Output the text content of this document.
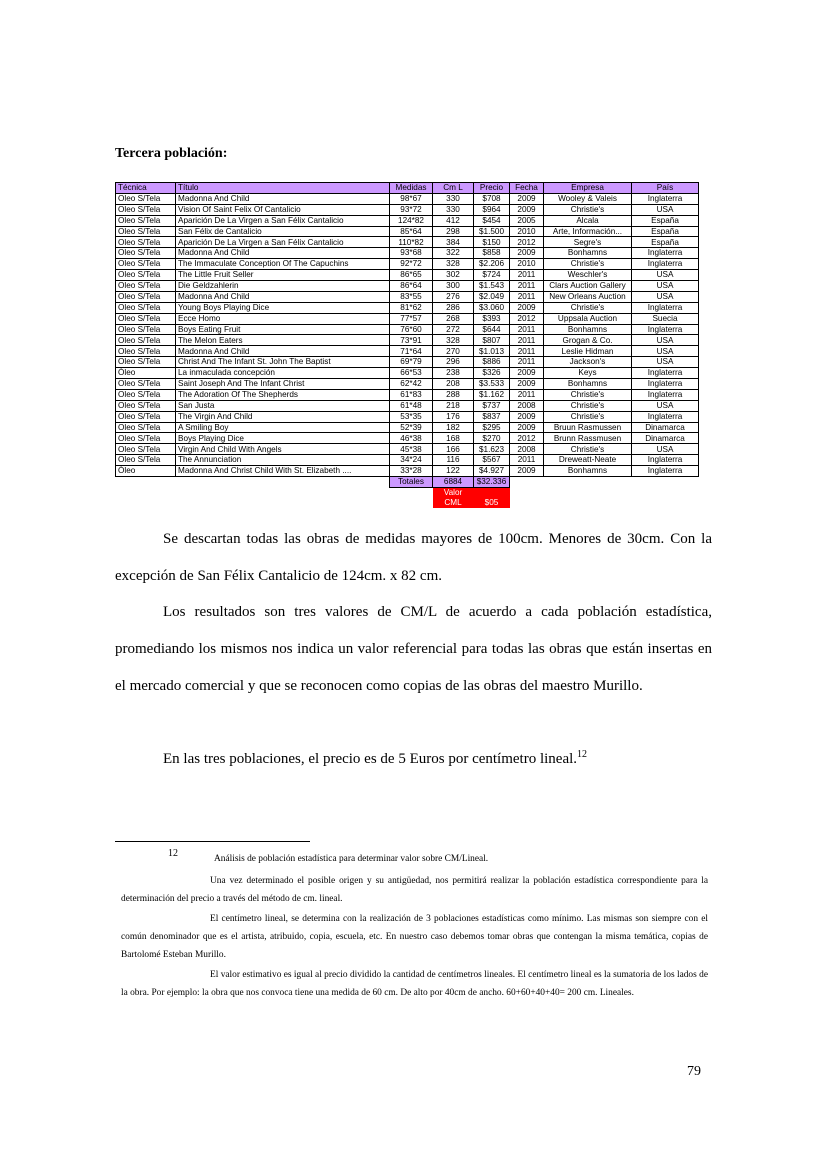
Tercera población:
Técnica	Título	Medidas	Cm L	Precio	Fecha	Empresa	País
Oleo S/Tela	Madonna And Child	98*67	330	$708	2009	Wooley & Valeis	Inglaterra
Oleo S/Tela	Vision Of Saint Felix Of Cantalicio	93*72	330	$964	2009	Christie's	USA
Oleo S/Tela	Aparición De La Virgen a San Félix Cantalicio	124*82	412	$454	2005	Alcala	España
Oleo S/Tela	San Félix de Cantalicio	85*64	298	$1.500	2010	Arte, Información...	España
Oleo S/Tela	Aparición De La Virgen a San Félix Cantalicio	110*82	384	$150	2012	Segre's	España
Oleo S/Tela	Madonna And Child	93*68	322	$858	2009	Bonhamns	Inglaterra
Oleo S/Tela	The Immaculate Conception Of The Capuchins	92*72	328	$2.206	2010	Christie's	Inglaterra
Oleo S/Tela	The Little Fruit Seller	86*65	302	$724	2011	Weschler's	USA
Oleo S/Tela	Die Geldzahlerin	86*64	300	$1.543	2011	Clars Auction Gallery	USA
Oleo S/Tela	Madonna And Child	83*55	276	$2.049	2011	New Orleans Auction	USA
Oleo S/Tela	Young Boys Playing Dice	81*62	286	$3.060	2009	Christie's	Inglaterra
Oleo S/Tela	Ecce Homo	77*57	268	$393	2012	Uppsala Auction	Suecia
Oleo S/Tela	Boys Eating Fruit	76*60	272	$644	2011	Bonhamns	Inglaterra
Oleo S/Tela	The Melon Eaters	73*91	328	$807	2011	Grogan & Co.	USA
Oleo S/Tela	Madonna And Child	71*64	270	$1.013	2011	Leslie Hidman	USA
Oleo S/Tela	Christ And The Infant St. John The Baptist	69*79	296	$886	2011	Jackson's	USA
Óleo	La inmaculada concepción	66*53	238	$326	2009	Keys	Inglaterra
Oleo S/Tela	Saint Joseph And The Infant Christ	62*42	208	$3.533	2009	Bonhamns	Inglaterra
Oleo S/Tela	The Adoration Of The Shepherds	61*83	288	$1.162	2011	Christie's	Inglaterra
Oleo S/Tela	San Justa	61*48	218	$737	2008	Christie's	USA
Oleo S/Tela	The Virgin And Child	53*35	176	$837	2009	Christie's	Inglaterra
Oleo S/Tela	A Smiling Boy	52*39	182	$295	2009	Bruun Rasmussen	Dinamarca
Oleo S/Tela	Boys Playing Dice	46*38	168	$270	2012	Brunn Rassmusen	Dinamarca
Oleo S/Tela	Virgin And Child With Angels	45*38	166	$1.623	2008	Christie's	USA
Oleo S/Tela	The Annunciation	34*24	116	$567	2011	Dreweatt-Neate	Inglaterra
Óleo	Madonna And Christ Child With St. Elizabeth ....	33*28	122	$4.927	2009	Bonhamns	Inglaterra
		Totales	6884	$32.336			
			Valor				
			CML	$05			

Se descartan todas las obras de medidas mayores de 100cm. Menores de 30cm. Con la excepción de San Félix Cantalicio de 124cm. x 82 cm.

Los resultados son tres valores de CM/L de acuerdo a cada población estadística, promediando los mismos nos indica un valor referencial para todas las obras que están insertas en el mercado comercial y que se reconocen como copias de las obras del maestro Murillo.

En las tres poblaciones, el precio es de 5 Euros por centímetro lineal.$^{12}$

12	Análisis de población estadística para determinar valor sobre CM/Lineal.

Una vez determinado el posible origen y su antigüedad, nos permitirá realizar la población estadística correspondiente para la determinación del precio a través del método de cm. lineal.

El centímetro lineal, se determina con la realización de 3 poblaciones estadísticas como mínimo. Las mismas son siempre con el común denominador que es el artista, atribuido, copia, escuela, etc. En nuestro caso debemos tomar obras que contengan la misma temática, copias de Bartolomé Esteban Murillo.

El valor estimativo es igual al precio dividido la cantidad de centímetros lineales. El centímetro lineal es la sumatoria de los lados de la obra. Por ejemplo: la obra que nos convoca tiene una medida de 60 cm. De alto por 40cm de ancho. 60+60+40+40= 200 cm. Lineales.

79
